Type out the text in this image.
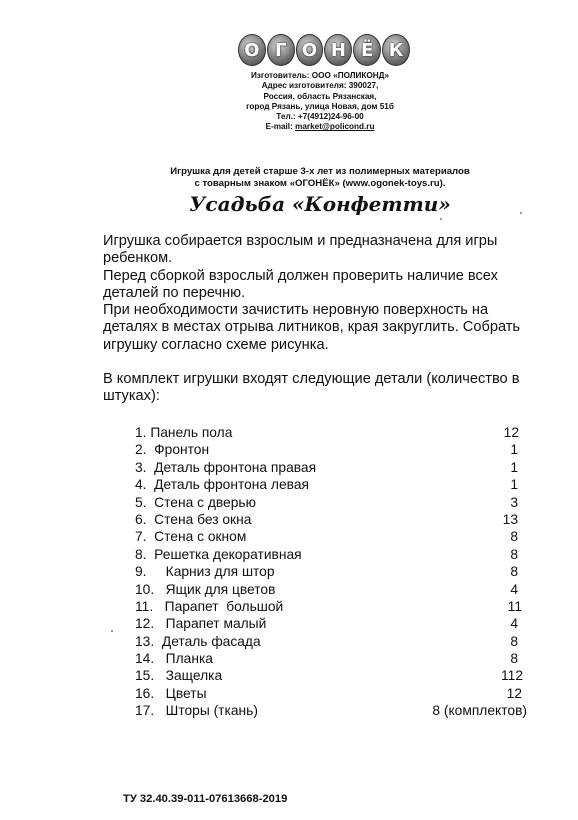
О Г О Н Ё К
Изготовитель: ООО «ПОЛИКОНД»
Адрес изготовителя: 390027,
Россия, область Рязанская,
город Рязань, улица Новая, дом 51б
Тел.: +7(4912)24-96-00
E-mail: market@policond.ru
Игрушка для детей старше 3-х лет из полимерных материалов
с товарным знаком «ОГОНЁК» (www.ogonek-toys.ru).
Усадьба «Конфетти»

Игрушка собирается взрослым и предназначена для игры ребенком.

Перед сборкой взрослый должен проверить наличие всех деталей по перечню.

При необходимости зачистить неровную поверхность на деталях в местах отрыва литников, края закруглить. Собрать игрушку согласно схеме рисунка.

В комплект игрушки входят следующие детали (количество в штуках):
1. Панель пола	12
2.  Фронтон	1
3.  Деталь фронтона правая	1
4.  Деталь фронтона левая	1
5.  Стена с дверью	3
6.  Стена без окна	13
7.  Стена с окном	8
8.  Решетка декоративная	8
9.     Карниз для штор	8
10.   Ящик для цветов	4
11.   Парапет  большой	11
12.   Парапет малый	4
13.  Деталь фасада	8
14.   Планка	8
15.   Защелка	112
16.   Цветы	12
17.   Шторы (ткань)	8 (комплектов)
ТУ 32.40.39-011-07613668-2019
